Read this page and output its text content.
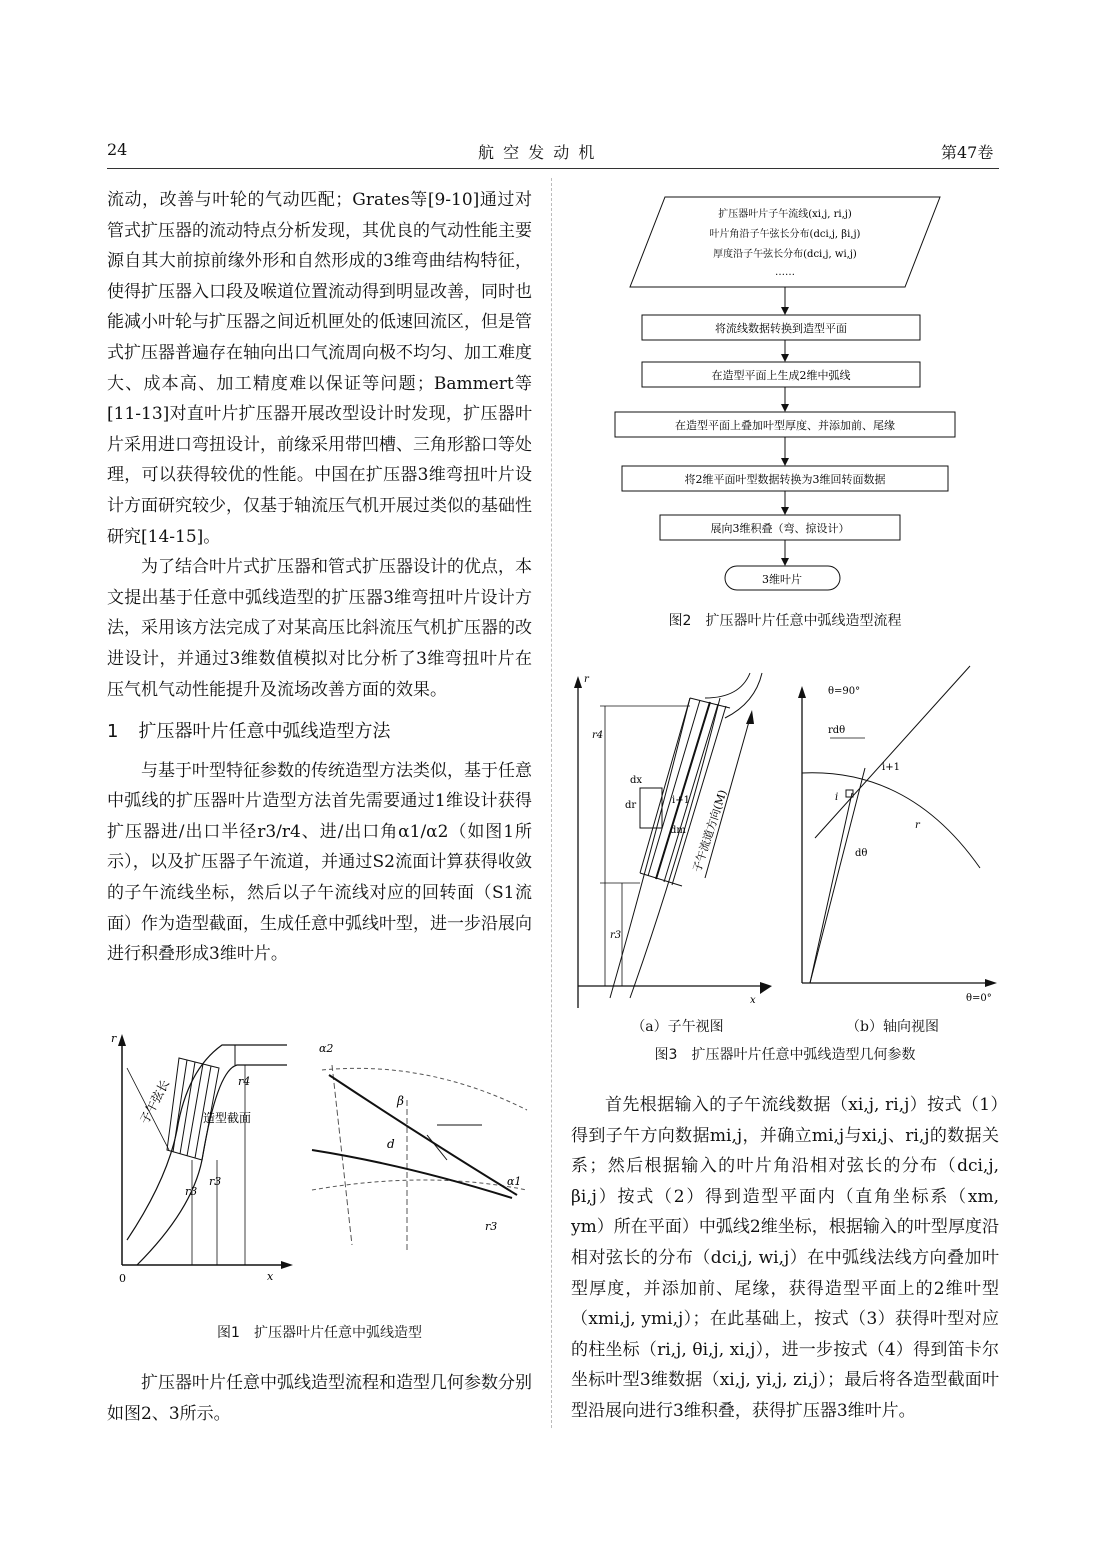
24	航 空 发 动 机	第47卷

流动，改善与叶轮的气动匹配；Grates等[9-10]通过对管式扩压器的流动特点分析发现，其优良的气动性能主要源自其大前掠前缘外形和自然形成的3维弯曲结构特征，使得扩压器入口段及喉道位置流动得到明显改善，同时也能减小叶轮与扩压器之间近机匣处的低速回流区，但是管式扩压器普遍存在轴向出口气流周向极不均匀、加工难度大、成本高、加工精度难以保证等问题；Bammert等[11-13]对直叶片扩压器开展改型设计时发现，扩压器叶片采用进口弯扭设计，前缘采用带凹槽、三角形豁口等处理，可以获得较优的性能。中国在扩压器3维弯扭叶片设计方面研究较少，仅基于轴流压气机开展过类似的基础性研究[14-15]。

为了结合叶片式扩压器和管式扩压器设计的优点，本文提出基于任意中弧线造型的扩压器3维弯扭叶片设计方法，采用该方法完成了对某高压比斜流压气机扩压器的改进设计，并通过3维数值模拟对比分析了3维弯扭叶片在压气机气动性能提升及流场改善方面的效果。

1 扩压器叶片任意中弧线造型方法

与基于叶型特征参数的传统造型方法类似，基于任意中弧线的扩压器叶片造型方法首先需要通过1维设计获得扩压器进/出口半径r3/r4、进/出口角α1/α2（如图1所示），以及扩压器子午流道，并通过S2流面计算获得收敛的子午流线坐标，然后以子午流线对应的回转面（S1流面）作为造型截面，生成任意中弧线叶型，进一步沿展向进行积叠形成3维叶片。

r
x
0
子午弦长	造型截面
r3
r3
r4
α2
β
d
α1
r3
图1　扩压器叶片任意中弧线造型

扩压器叶片任意中弧线造型流程和造型几何参数分别如图2、3所示。

扩压器叶片子午流线(xi,j, ri,j)
叶片角沿子午弦长分布(dci,j, βi,j)
厚度沿子午弦长分布(dci,j, wi,j)
……
将流线数据转换到造型平面
在造型平面上生成2维中弧线
在造型平面上叠加叶型厚度、并添加前、尾缘
将2维平面叶型数据转换为3维回转面数据
展向3维积叠（弯、掠设计）
3维叶片
图2　扩压器叶片任意中弧线造型流程
r
x
r4
r3
dx
dr
dm
i+1 子午流道方向(M)
θ=90°
θ=0°
rdθ
dθ
i
i+1
r
（a）子午视图	（b）轴向视图
图3　扩压器叶片任意中弧线造型几何参数

首先根据输入的子午流线数据（xi,j, ri,j）按式（1）得到子午方向数据mi,j，并确立mi,j与xi,j、ri,j的数据关系；然后根据输入的叶片角沿相对弦长的分布（dci,j, βi,j）按式（2）得到造型平面内（直角坐标系（xm, ym）所在平面）中弧线2维坐标，根据输入的叶型厚度沿相对弦长的分布（dci,j, wi,j）在中弧线法线方向叠加叶型厚度，并添加前、尾缘，获得造型平面上的2维叶型（xmi,j, ymi,j）；在此基础上，按式（3）获得叶型对应的柱坐标（ri,j, θi,j, xi,j），进一步按式（4）得到笛卡尔坐标叶型3维数据（xi,j, yi,j, zi,j）；最后将各造型截面叶型沿展向进行3维积叠，获得扩压器3维叶片。
